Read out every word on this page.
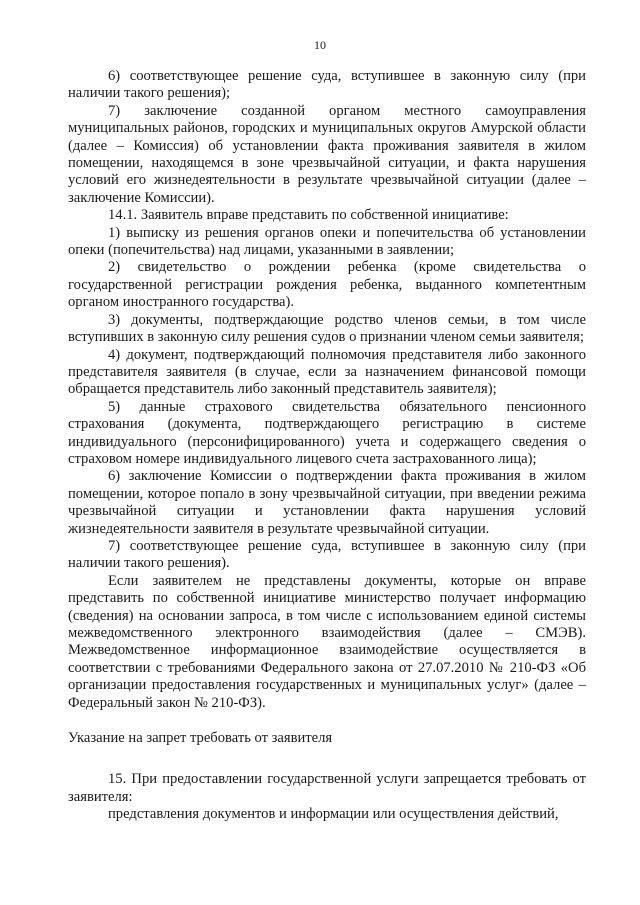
10

6) соответствующее решение суда, вступившее в законную силу (при наличии такого решения);

7) заключение созданной органом местного самоуправления муниципальных районов, городских и муниципальных округов Амурской области (далее – Комиссия) об установлении факта проживания заявителя в жилом помещении, находящемся в зоне чрезвычайной ситуации, и факта нарушения условий его жизнедеятельности в результате чрезвычайной ситуации (далее – заключение Комиссии).

14.1. Заявитель вправе представить по собственной инициативе:

1) выписку из решения органов опеки и попечительства об установлении опеки (попечительства) над лицами, указанными в заявлении;

2) свидетельство о рождении ребенка (кроме свидетельства о государственной регистрации рождения ребенка, выданного компетентным органом иностранного государства).

3) документы, подтверждающие родство членов семьи, в том числе вступивших в законную силу решения судов о признании членом семьи заявителя;

4) документ, подтверждающий полномочия представителя либо законного представителя заявителя (в случае, если за назначением финансовой помощи обращается представитель либо законный представитель заявителя);

5) данные страхового свидетельства обязательного пенсионного страхования (документа, подтверждающего регистрацию в системе индивидуального (персонифицированного) учета и содержащего сведения о страховом номере индивидуального лицевого счета застрахованного лица);

6) заключение Комиссии о подтверждении факта проживания в жилом помещении, которое попало в зону чрезвычайной ситуации, при введении режима чрезвычайной ситуации и установлении факта нарушения условий жизнедеятельности заявителя в результате чрезвычайной ситуации.

7) соответствующее решение суда, вступившее в законную силу (при наличии такого решения).

Если заявителем не представлены документы, которые он вправе представить по собственной инициативе министерство получает информацию (сведения) на основании запроса, в том числе с использованием единой системы межведомственного электронного взаимодействия (далее – СМЭВ). Межведомственное информационное взаимодействие осуществляется в соответствии с требованиями Федерального закона от 27.07.2010 № 210-ФЗ «Об организации предоставления государственных и муниципальных услуг» (далее – Федеральный закон № 210-ФЗ).

Указание на запрет требовать от заявителя

15. При предоставлении государственной услуги запрещается требовать от заявителя:

представления документов и информации или осуществления действий,
